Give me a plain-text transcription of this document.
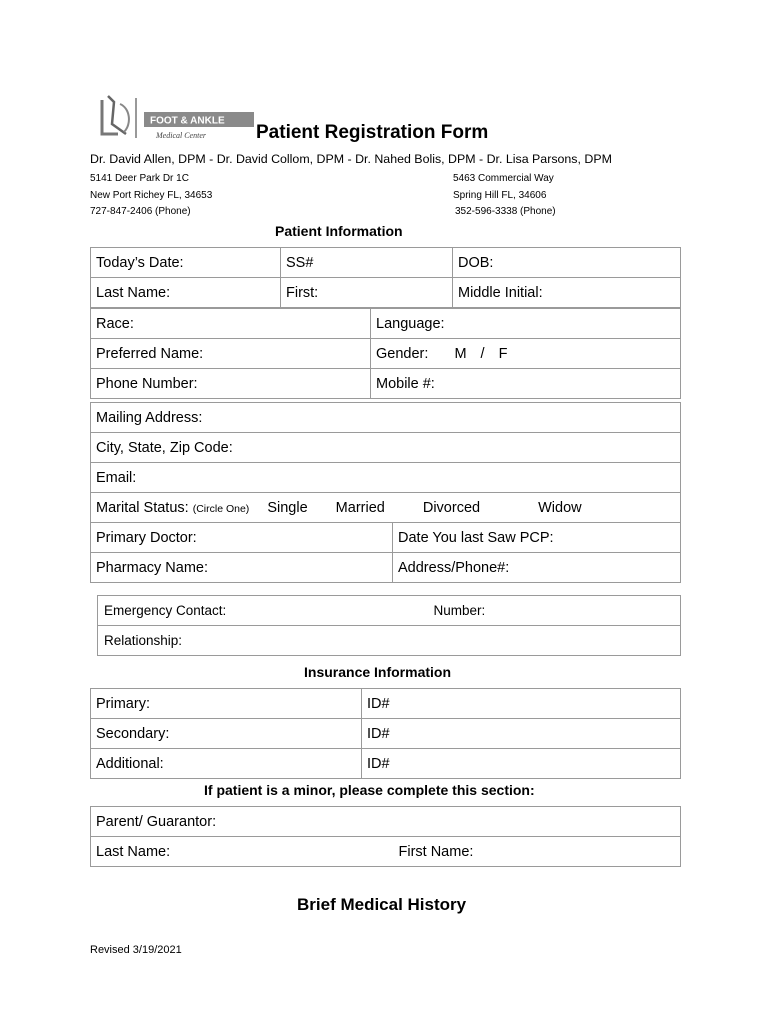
FOOT & ANKLE
Medical Center	Patient Registration Form
Dr. David Allen, DPM - Dr. David Collom, DPM - Dr. Nahed Bolis, DPM - Dr. Lisa Parsons, DPM
5141 Deer Park Dr 1C
New Port Richey FL, 34653
727-847-2406 (Phone)
5463 Commercial Way
Spring Hill FL, 34606
352-596-3338 (Phone)
Patient Information
Today’s Date:	SS#	DOB:
Last Name:	First:	Middle Initial:
Race:	Language:
Preferred Name:	Gender: M / F
Phone Number:	Mobile #:
Mailing Address:	
City, State, Zip Code:	
Email:	
Marital Status: (Circle One) Single Married Divorced Widow	
Primary Doctor:	Date You last Saw PCP:
Pharmacy Name:	Address/Phone#:
Emergency Contact:	Number:

Relationship:
Insurance Information
Primary:	ID#
Secondary:	ID#
Additional:	ID#
If patient is a minor, please complete this section:
Parent/ Guarantor:
Last Name:	First Name:
Brief Medical History
Revised 3/19/2021
